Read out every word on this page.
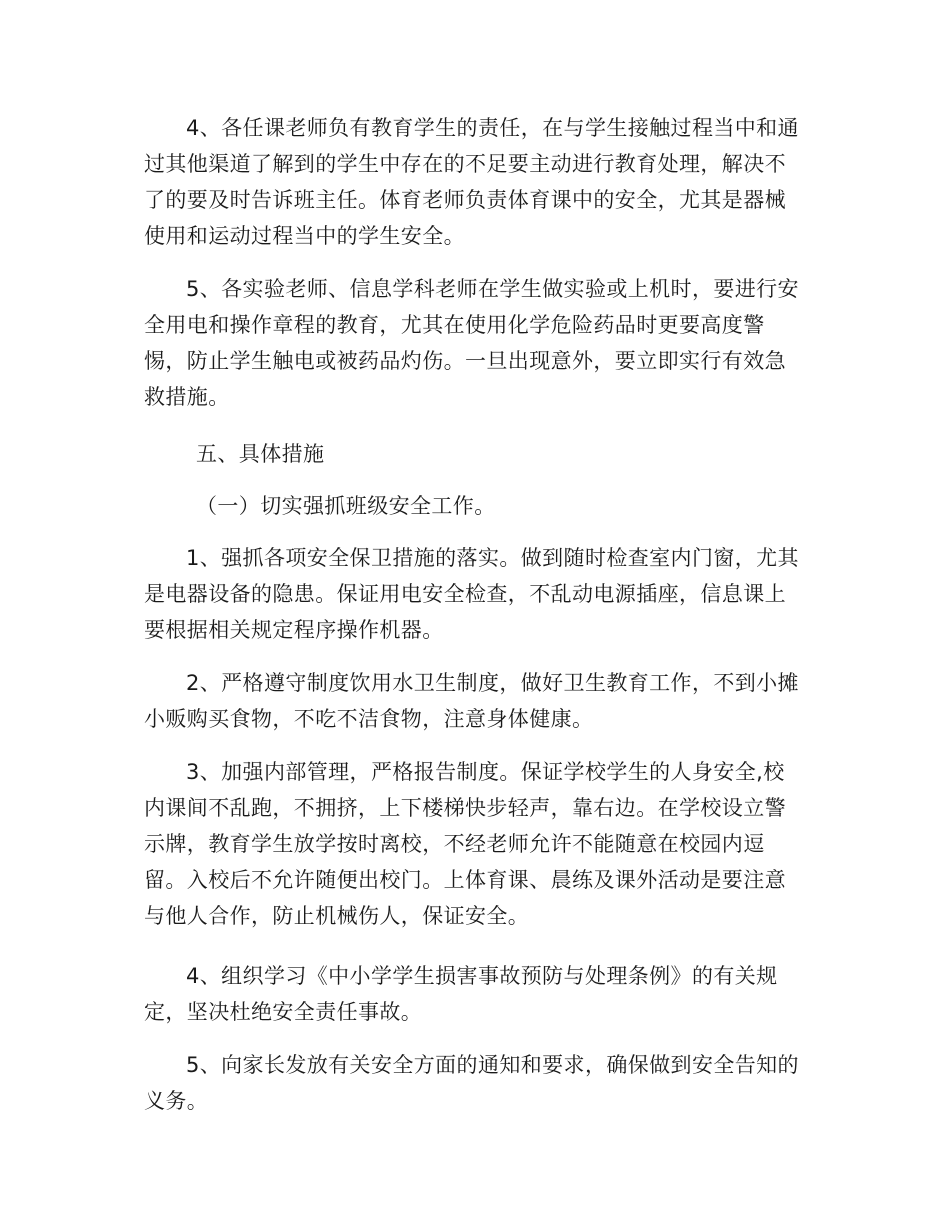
4、各任课老师负有教育学生的责任，在与学生接触过程当中和通
过其他渠道了解到的学生中存在的不足要主动进行教育处理，解决不
了的要及时告诉班主任。体育老师负责体育课中的安全，尤其是器械
使用和运动过程当中的学生安全。

5、各实验老师、信息学科老师在学生做实验或上机时，要进行安
全用电和操作章程的教育，尤其在使用化学危险药品时更要高度警
惕，防止学生触电或被药品灼伤。一旦出现意外，要立即实行有效急
救措施。

五、具体措施
（一）切实强抓班级安全工作。

1、强抓各项安全保卫措施的落实。做到随时检查室内门窗，尤其
是电器设备的隐患。保证用电安全检查，不乱动电源插座，信息课上
要根据相关规定程序操作机器。

2、严格遵守制度饮用水卫生制度，做好卫生教育工作，不到小摊
小贩购买食物，不吃不洁食物，注意身体健康。

3、加强内部管理，严格报告制度。保证学校学生的人身安全,校
内课间不乱跑，不拥挤，上下楼梯快步轻声，靠右边。在学校设立警
示牌，教育学生放学按时离校，不经老师允许不能随意在校园内逗
留。入校后不允许随便出校门。上体育课、晨练及课外活动是要注意
与他人合作，防止机械伤人，保证安全。

4、组织学习《中小学学生损害事故预防与处理条例》的有关规
定，坚决杜绝安全责任事故。

5、向家长发放有关安全方面的通知和要求，确保做到安全告知的
义务。
